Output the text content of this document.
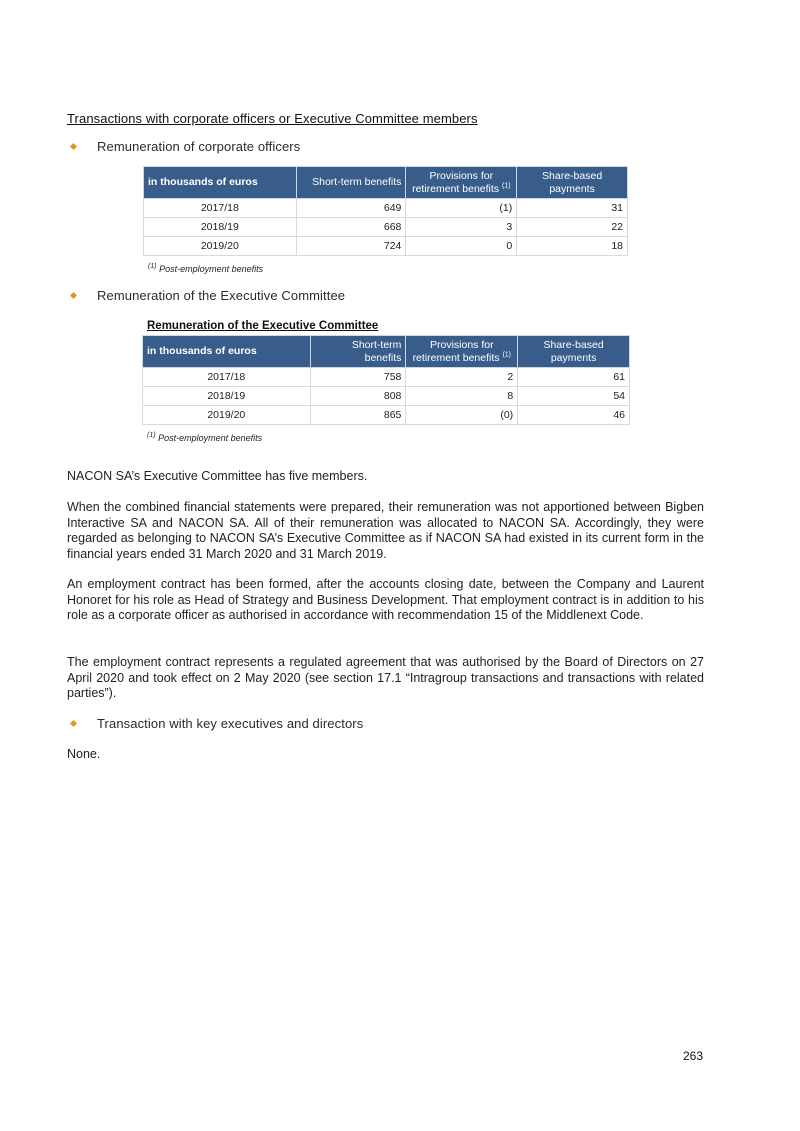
Transactions with corporate officers or Executive Committee members
Remuneration of corporate officers
in thousands of euros	Short-term benefits	Provisions for retirement benefits $^{(1)}$	Share-based payments
2017/18	649	(1)	31
2018/19	668	3	22
2019/20	724	0	18
$^{(1)}$ Post-employment benefits
Remuneration of the Executive Committee
Remuneration of the Executive Committee
in thousands of euros	Short-term benefits	Provisions for retirement benefits $^{(1)}$	Share-based payments
2017/18	758	2	61
2018/19	808	8	54
2019/20	865	(0)	46
$^{(1)}$ Post-employment benefits
NACON SA’s Executive Committee has five members.
When the combined financial statements were prepared, their remuneration was not apportioned between Bigben Interactive SA and NACON SA. All of their remuneration was allocated to NACON SA. Accordingly, they were regarded as belonging to NACON SA’s Executive Committee as if NACON SA had existed in its current form in the financial years ended 31 March 2020 and 31 March 2019.
An employment contract has been formed, after the accounts closing date, between the Company and Laurent Honoret for his role as Head of Strategy and Business Development. That employment contract is in addition to his role as a corporate officer as authorised in accordance with recommendation 15 of the Middlenext Code.
The employment contract represents a regulated agreement that was authorised by the Board of Directors on 27 April 2020 and took effect on 2 May 2020 (see section 17.1 “Intragroup transactions and transactions with related parties”).
Transaction with key executives and directors
None.
263
